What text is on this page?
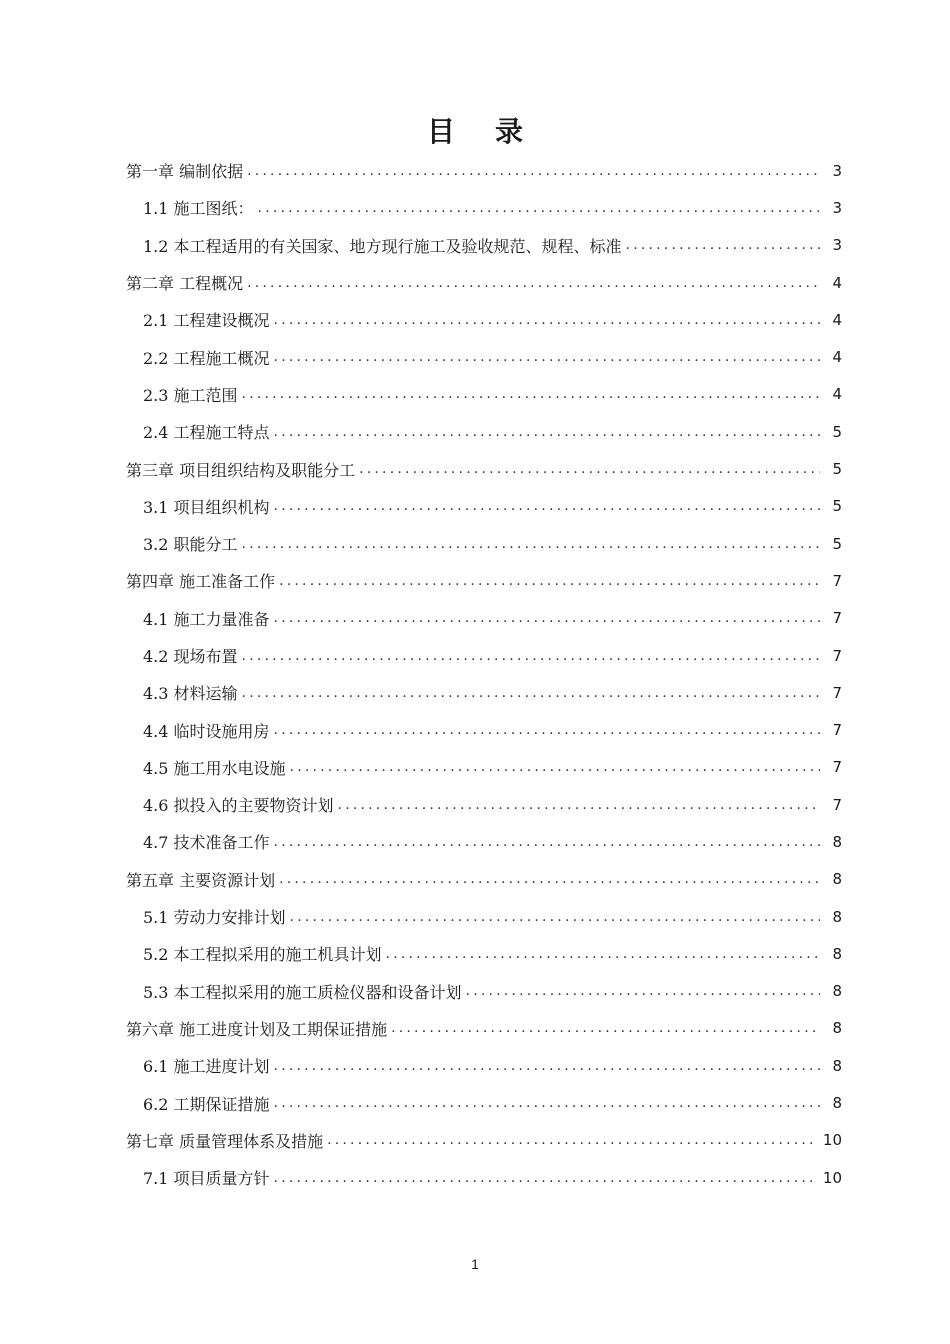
目录
第一章 编制依据 .....	3
1.1 施工图纸： .....	3
1.2 本工程适用的有关国家、地方现行施工及验收规范、规程、标准 .....	3
第二章 工程概况 .....	4
2.1 工程建设概况 .....	4
2.2 工程施工概况 .....	4
2.3 施工范围 .....	4
2.4 工程施工特点 .....	5
第三章 项目组织结构及职能分工 .....	5
3.1 项目组织机构 .....	5
3.2 职能分工 .....	5
第四章 施工准备工作 .....	7
4.1 施工力量准备 .....	7
4.2 现场布置 .....	7
4.3 材料运输 .....	7
4.4 临时设施用房 .....	7
4.5 施工用水电设施 .....	7
4.6 拟投入的主要物资计划 .....	7
4.7 技术准备工作 .....	8
第五章 主要资源计划 .....	8
5.1 劳动力安排计划 .....	8
5.2 本工程拟采用的施工机具计划 .....	8
5.3 本工程拟采用的施工质检仪器和设备计划 .....	8
第六章 施工进度计划及工期保证措施 .....	8
6.1 施工进度计划 .....	8
6.2 工期保证措施 .....	8
第七章 质量管理体系及措施 .....	10
7.1 项目质量方针 .....	10
1
